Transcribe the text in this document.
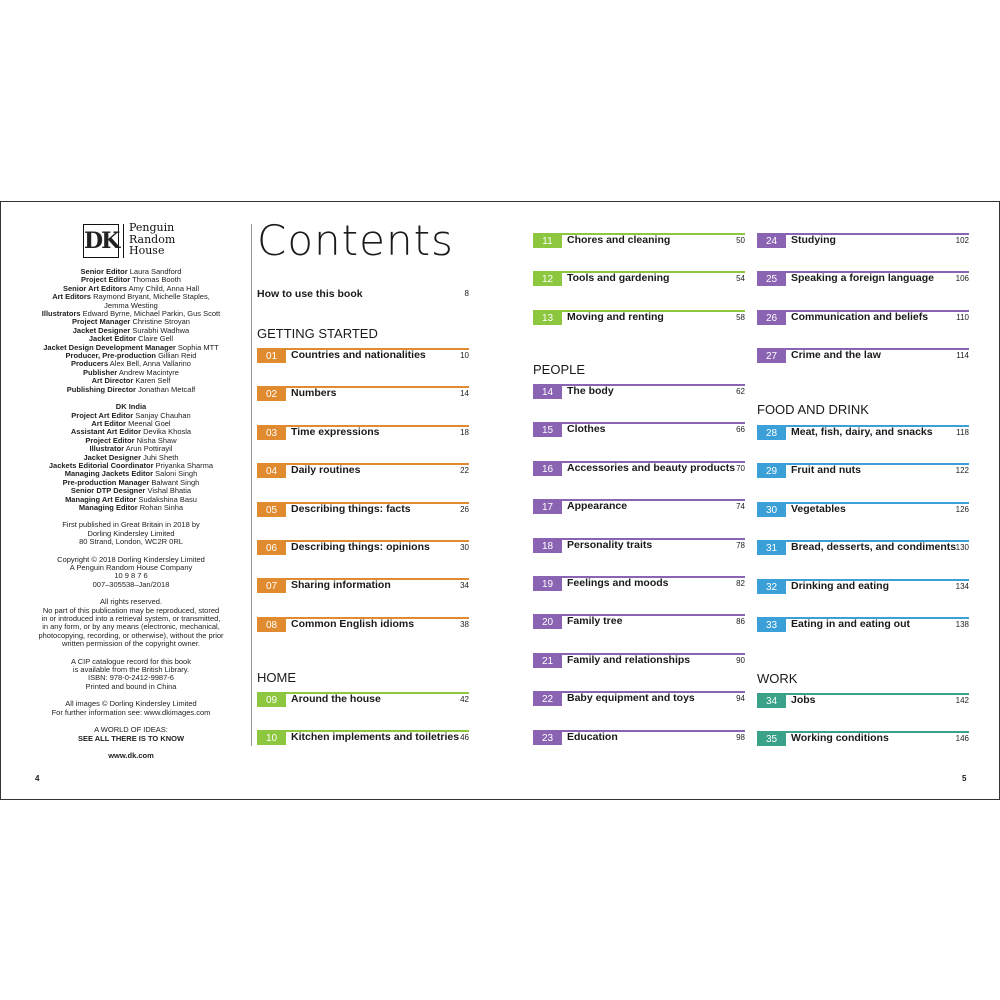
DK
Penguin
Random
House
Senior Editor Laura Sandford
Project Editor Thomas Booth
Senior Art Editors Amy Child, Anna Hall
Art Editors Raymond Bryant, Michelle Staples,
Jemma Westing
Illustrators Edward Byrne, Michael Parkin, Gus Scott
Project Manager Christine Stroyan
Jacket Designer Surabhi Wadhwa
Jacket Editor Claire Gell
Jacket Design Development Manager Sophia MTT
Producer, Pre-production Gillian Reid
Producers Alex Bell, Anna Vallarino
Publisher Andrew Macintyre
Art Director Karen Self
Publishing Director Jonathan Metcalf
DK India
Project Art Editor Sanjay Chauhan
Art Editor Meenal Goel
Assistant Art Editor Devika Khosla
Project Editor Nisha Shaw
Illustrator Arun Pottirayil
Jacket Designer Juhi Sheth
Jackets Editorial Coordinator Priyanka Sharma
Managing Jackets Editor Saloni Singh
Pre-production Manager Balwant Singh
Senior DTP Designer Vishal Bhatia
Managing Art Editor Sudakshina Basu
Managing Editor Rohan Sinha
First published in Great Britain in 2018 by
Dorling Kindersley Limited
80 Strand, London, WC2R 0RL
Copyright © 2018 Dorling Kindersley Limited
A Penguin Random House Company
10 9 8 7 6
007–305538–Jan/2018
All rights reserved.
No part of this publication may be reproduced, stored
in or introduced into a retrieval system, or transmitted,
in any form, or by any means (electronic, mechanical,
photocopying, recording, or otherwise), without the prior
written permission of the copyright owner.
A CIP catalogue record for this book
is available from the British Library.
ISBN: 978-0-2412-9987-6
Printed and bound in China
All images © Dorling Kindersley Limited
For further information see: www.dkimages.com
A WORLD OF IDEAS:
SEE ALL THERE IS TO KNOW
www.dk.com
4	5
Contents
How to use this book	8
GETTING STARTED
01	Countries and nationalities	10
02	Numbers	14
03	Time expressions	18
04	Daily routines	22
05	Describing things: facts	26
06	Describing things: opinions	30
07	Sharing information	34
08	Common English idioms	38
HOME
09	Around the house	42
10	Kitchen implements and toiletries 46
11	Chores and cleaning	50
12	Tools and gardening	54
13	Moving and renting	58
PEOPLE
14	The body	62
15	Clothes	66
16	Accessories and beauty products 70
17	Appearance	74
18	Personality traits	78
19	Feelings and moods	82
20	Family tree	86
21	Family and relationships	90
22	Baby equipment and toys	94
23	Education	98
24	Studying	102
25	Speaking a foreign language	106
26	Communication and beliefs	110
27	Crime and the law	114
FOOD AND DRINK
28	Meat, fish, dairy, and snacks	118
29	Fruit and nuts	122
30	Vegetables	126
31	Bread, desserts, and condiments 130
32	Drinking and eating	134
33	Eating in and eating out	138
WORK
34	Jobs	142
35	Working conditions	146
